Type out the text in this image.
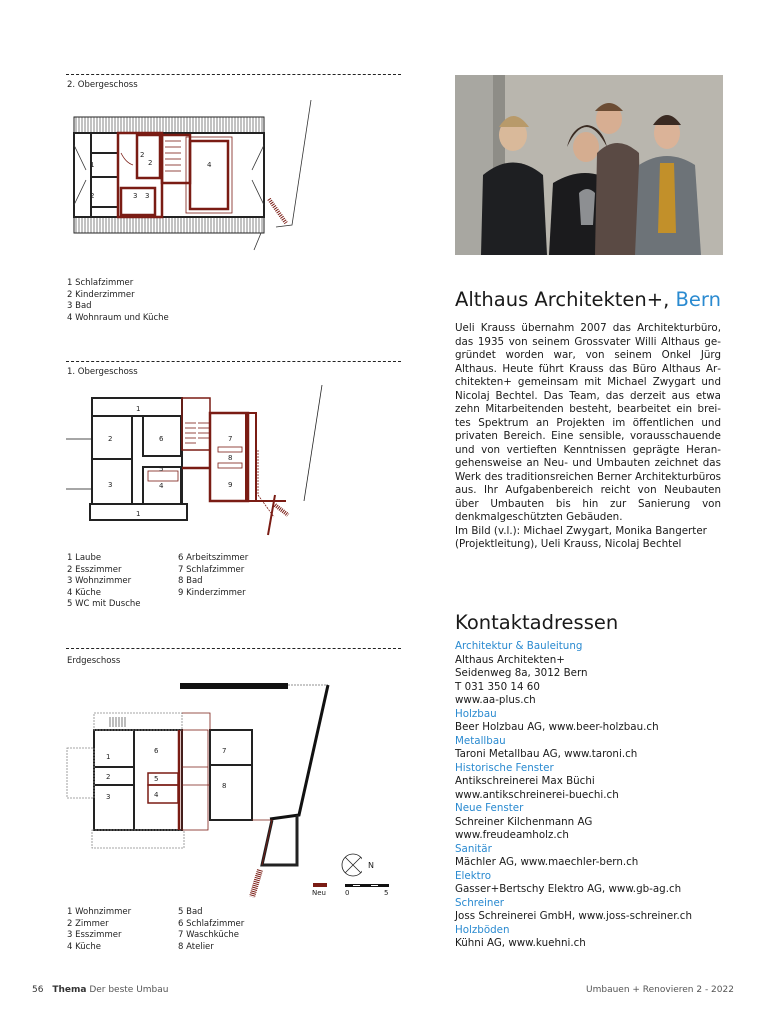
2. Obergeschoss
1
2
2
2
3 3
4
1 Schlafzimmer
2 Kinderzimmer
3 Bad
4 Wohnraum und Küche
1. Obergeschoss
1
1
2
3	4
5
6	7
8
9
1 Laube
2 Esszimmer
3 Wohnzimmer
4 Küche
5 WC mit Dusche
6 Arbeitszimmer
7 Schlafzimmer
8 Bad
9 Kinderzimmer
Erdgeschoss
1
2
3	4
5
6	7
8
N
Neu	0	5
1 Wohnzimmer
2 Zimmer
3 Esszimmer
4 Küche
5 Bad
6 Schlafzimmer
7 Waschküche
8 Atelier
Althaus Architekten+, Bern
Ueli Krauss übernahm 2007 das Architekturbüro, das 1935 von seinem Grossvater Willi Althaus gegründet worden war, von seinem Onkel Jürg Althaus. Heute führt Krauss das Büro Althaus Architekten+ gemeinsam mit Michael Zwygart und Nicolaj Bechtel. Das Team, das derzeit aus etwa zehn Mitarbeitenden besteht, bearbeitet ein breites Spektrum an Projekten im öffentlichen und privaten Bereich. Eine sensible, vorausschauende und von vertieften Kenntnissen geprägte Herangehensweise an Neu- und Umbauten zeichnet das Werk des traditionsreichen Berner Architekturbüros aus. Ihr Aufgabenbereich reicht von Neubauten über Umbauten bis hin zur Sanierung von denkmalgeschützten Gebäuden.
Im Bild (v.l.): Michael Zwygart, Monika Bangerter (Projektleitung), Ueli Krauss, Nicolaj Bechtel
Kontaktadressen
Architektur & Bauleitung
Althaus Architekten+
Seidenweg 8a, 3012 Bern
T 031 350 14 60
www.aa-plus.ch
Holzbau
Beer Holzbau AG, www.beer-holzbau.ch
Metallbau
Taroni Metallbau AG, www.taroni.ch
Historische Fenster
Antikschreinerei Max Büchi
www.antikschreinerei-buechi.ch
Neue Fenster
Schreiner Kilchenmann AG
www.freudeamholz.ch
Sanitär
Mächler AG, www.maechler-bern.ch
Elektro
Gasser+Bertschy Elektro AG, www.gb-ag.ch
Schreiner
Joss Schreinerei GmbH, www.joss-schreiner.ch
Holzböden
Kühni AG, www.kuehni.ch
56 Thema Der beste Umbau	Umbauen + Renovieren 2 - 2022
